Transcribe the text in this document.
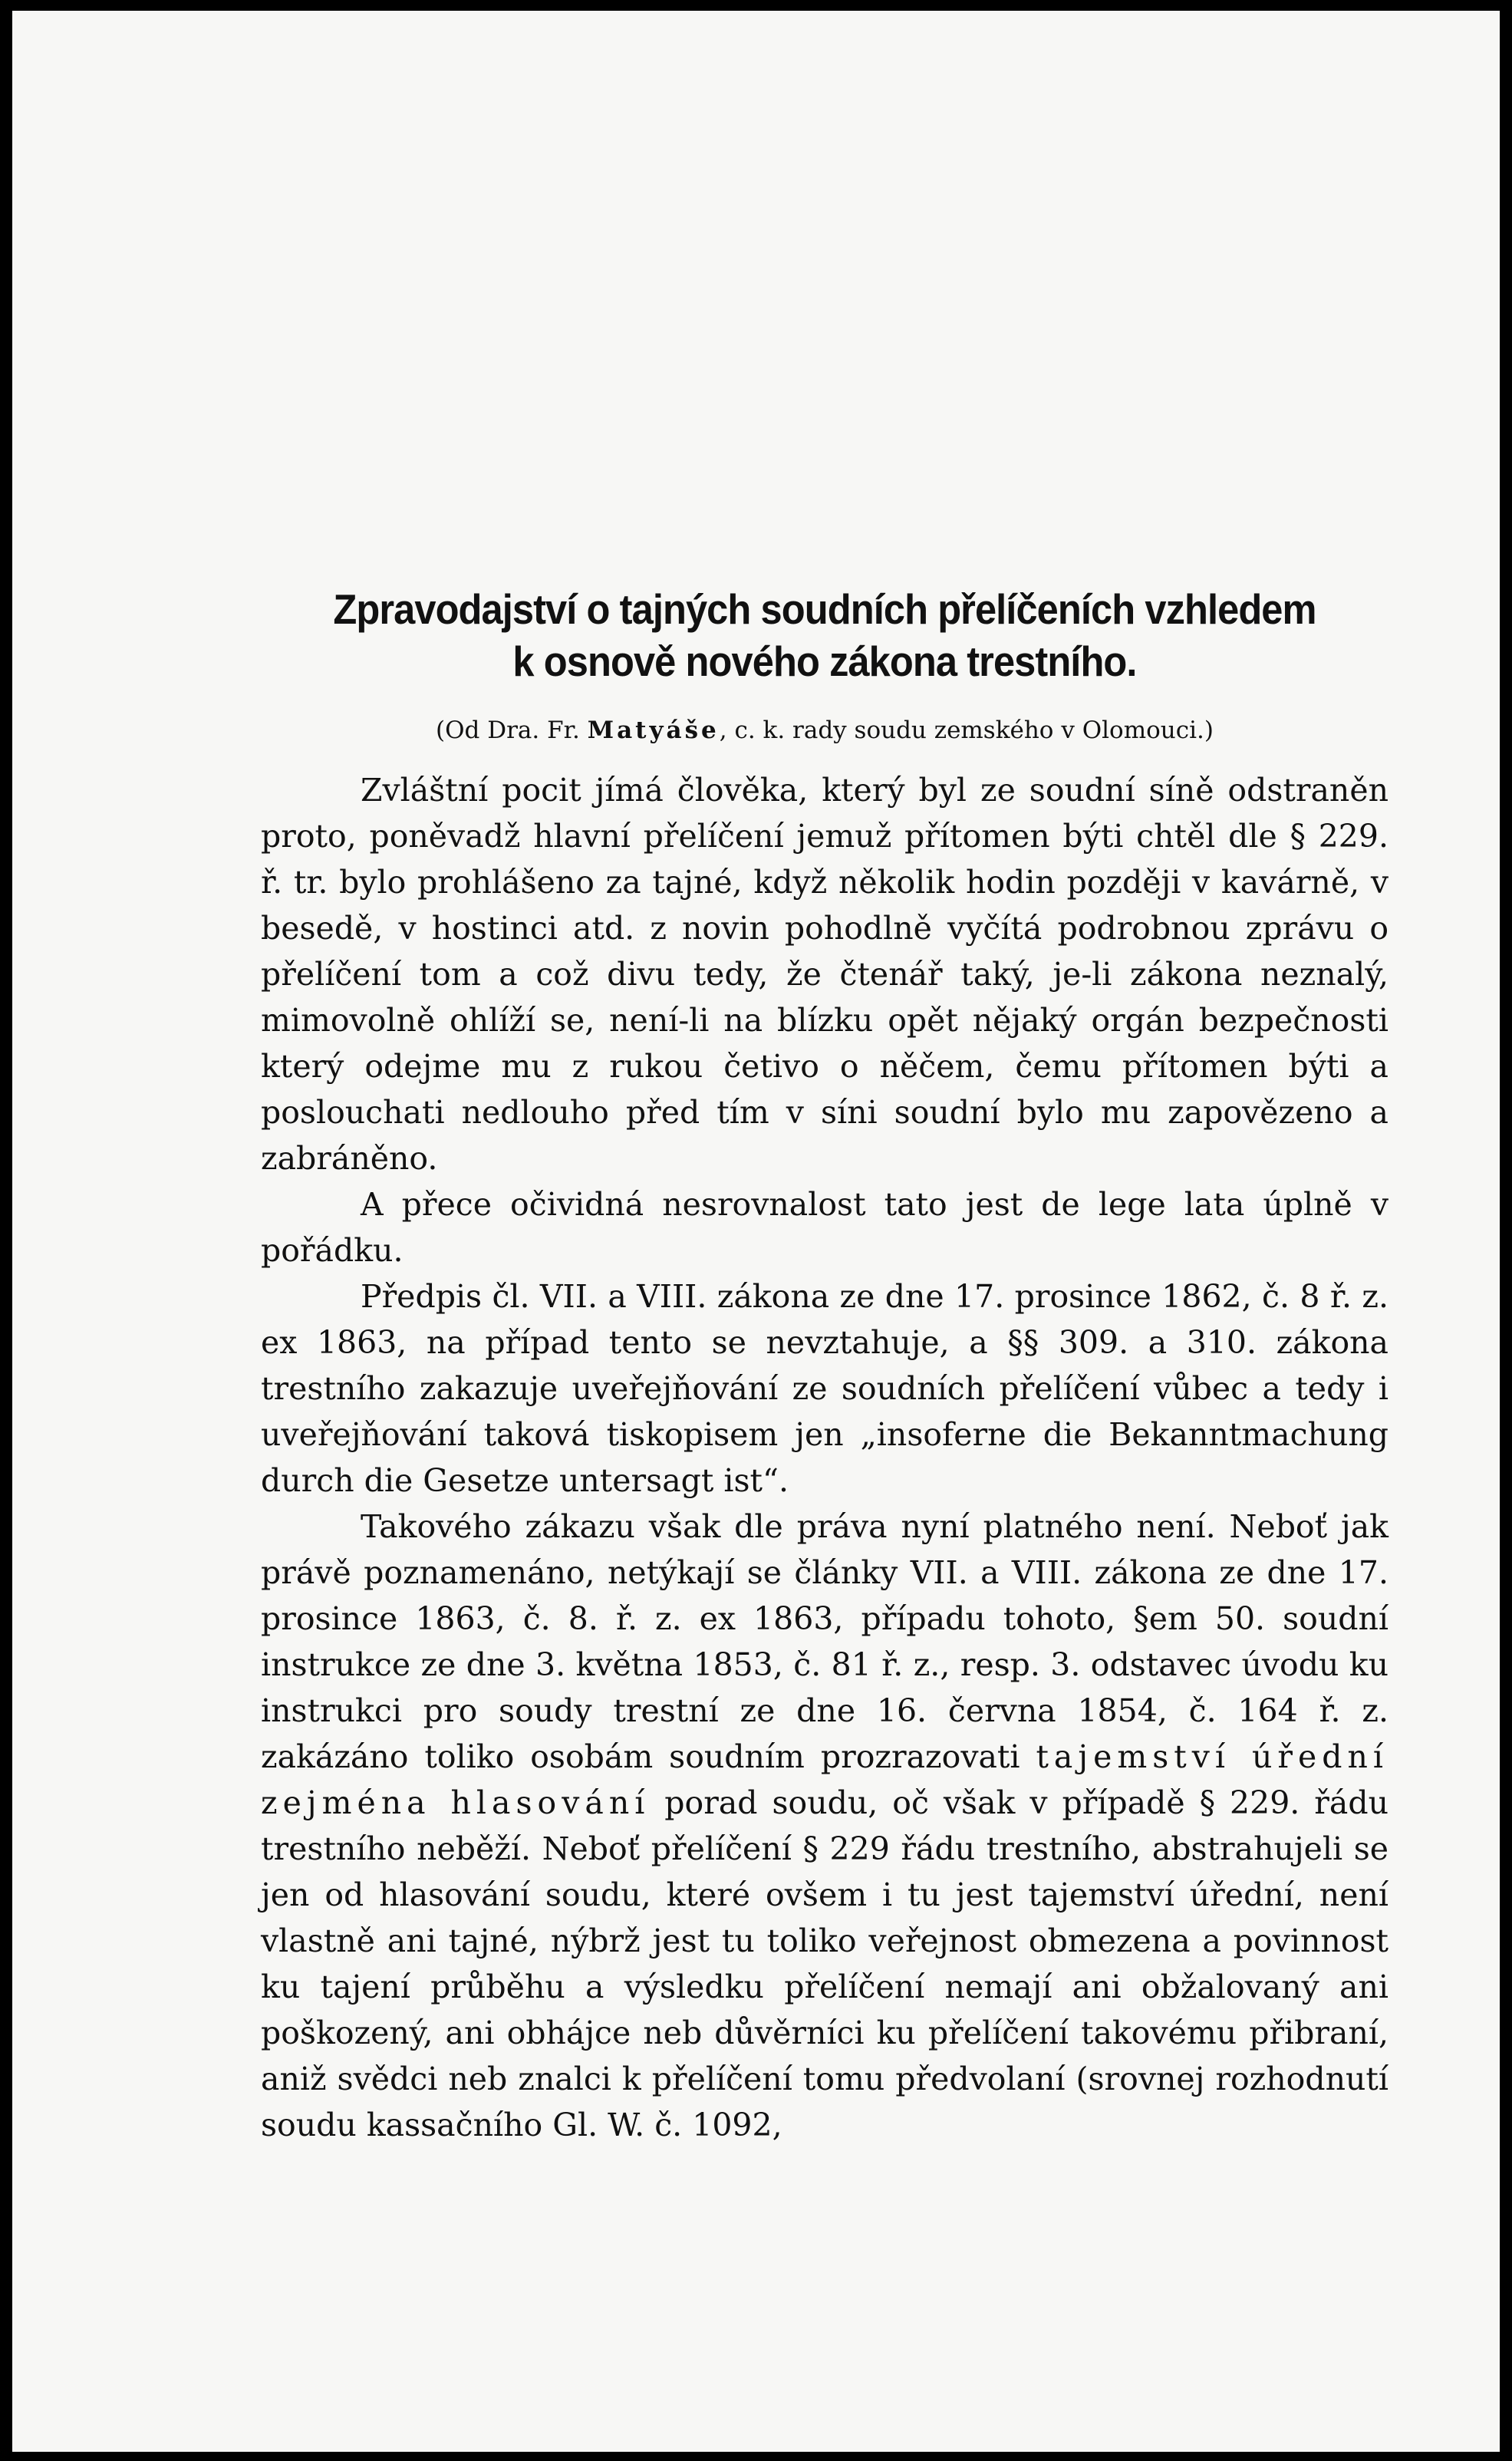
Zpravodajství o tajných soudních přelíčeních vzhledem
k osnově nového zákona trestního.
(Od Dra. Fr. Matyáše, c. k. rady soudu zemského v Olomouci.)

Zvláštní pocit jímá člověka, který byl ze soudní síně odstraněn proto, poněvadž hlavní přelíčení jemuž přítomen býti chtěl dle § 229. ř. tr. bylo prohlášeno za tajné, když několik hodin později v kavárně, v besedě, v hostinci atd. z novin pohodlně vyčítá podrobnou zprávu o přelíčení tom a což divu tedy, že čtenář taký, je-li zákona neznalý, mimovolně ohlíží se, není-li na blízku opět nějaký orgán bezpečnosti který odejme mu z rukou četivo o něčem, čemu přítomen býti a poslouchati nedlouho před tím v síni soudní bylo mu zapovězeno a zabráněno.

A přece očividná nesrovnalost tato jest de lege lata úplně v pořádku.

Předpis čl. VII. a VIII. zákona ze dne 17. prosince 1862, č. 8 ř. z. ex 1863, na případ tento se nevztahuje, a §§ 309. a 310. zákona trestního zakazuje uveřejňování ze soudních přelíčení vůbec a tedy i uveřejňování taková tiskopisem jen „insoferne die Bekanntmachung durch die Gesetze untersagt ist“.

Takového zákazu však dle práva nyní platného není. Neboť jak právě poznamenáno, netýkají se články VII. a VIII. zákona ze dne 17. prosince 1863, č. 8. ř. z. ex 1863, případu tohoto, §em 50. soudní instrukce ze dne 3. května 1853, č. 81 ř. z., resp. 3. odstavec úvodu ku instrukci pro soudy trestní ze dne 16. června 1854, č. 164 ř. z. zakázáno toliko osobám soudním prozrazovati tajemství úřední zejména hlasování porad soudu, oč však v případě § 229. řádu trestního neběží. Neboť přelíčení § 229 řádu trestního, abstrahujeli se jen od hlasování soudu, které ovšem i tu jest tajemství úřední, není vlastně ani tajné, nýbrž jest tu toliko veřejnost obmezena a povinnost ku tajení průběhu a výsledku přelíčení nemají ani obžalovaný ani poškozený, ani obhájce neb důvěrníci ku přelíčení takovému přibraní, aniž svědci neb znalci k přelíčení tomu předvolaní (srovnej rozhodnutí soudu kassačního Gl. W. č. 1092,
